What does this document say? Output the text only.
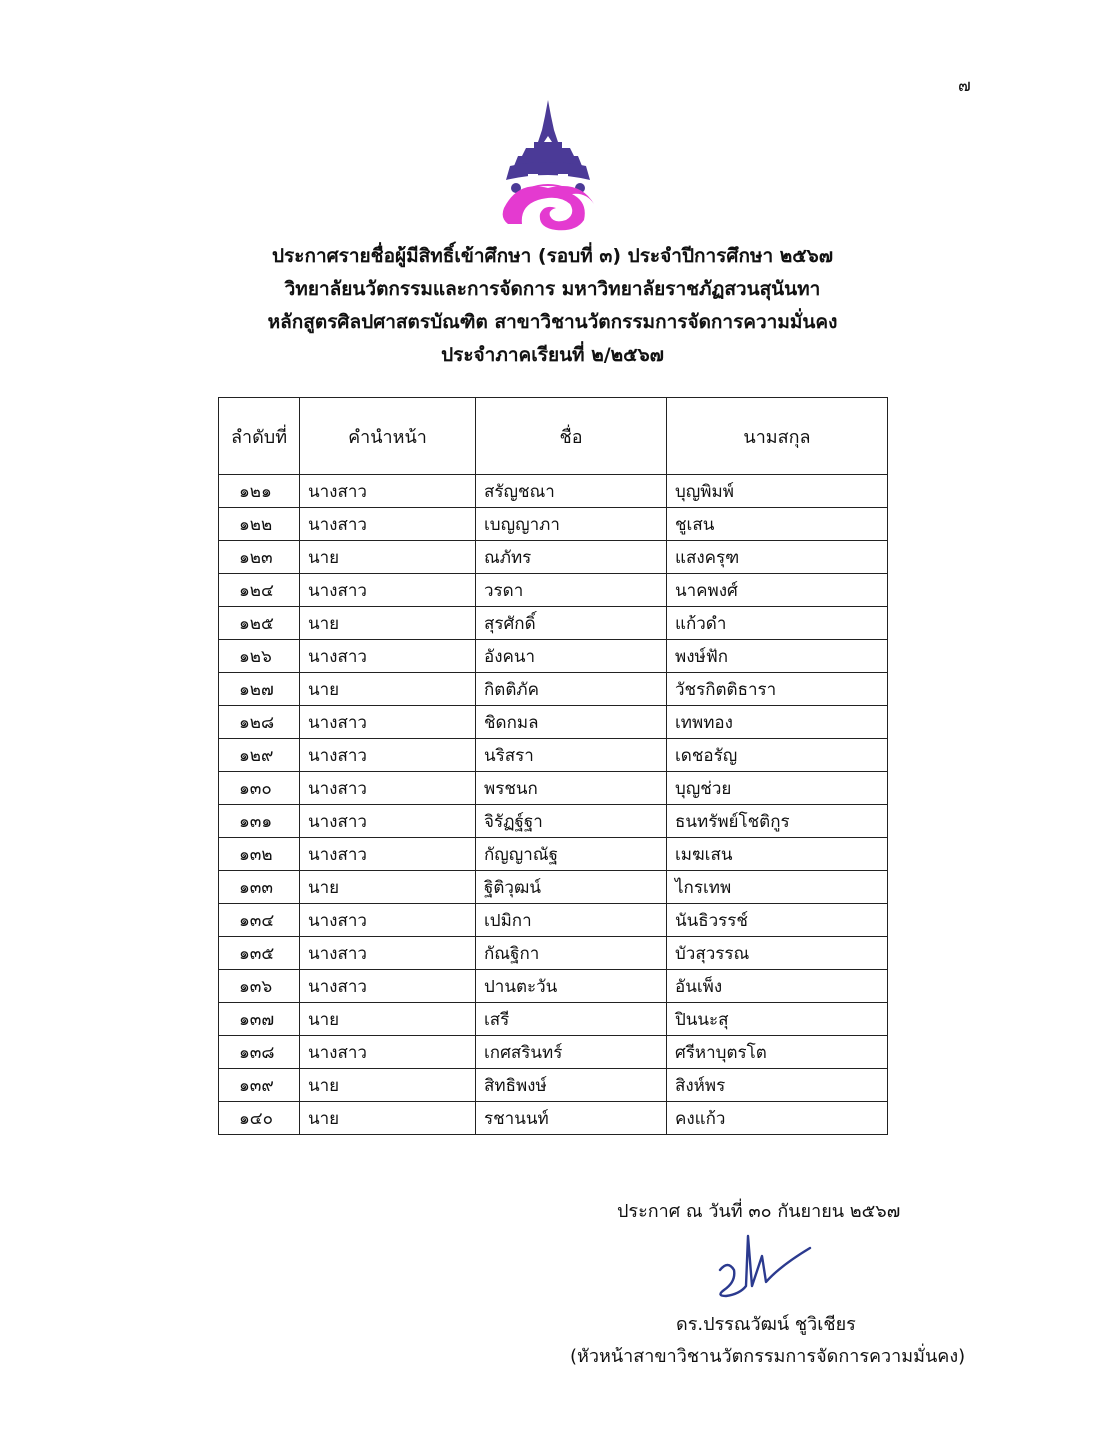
๗
ประกาศรายชื่อผู้มีสิทธิ์เข้าศึกษา (รอบที่ ๓) ประจำปีการศึกษา ๒๕๖๗
วิทยาลัยนวัตกรรมและการจัดการ มหาวิทยาลัยราชภัฏสวนสุนันทา
หลักสูตรศิลปศาสตรบัณฑิต สาขาวิชานวัตกรรมการจัดการความมั่นคง
ประจำภาคเรียนที่ ๒/๒๕๖๗
ลำดับที่	คำนำหน้า	ชื่อ	นามสกุล
๑๒๑	นางสาว	สรัญชณา	บุญพิมพ์
๑๒๒	นางสาว	เบญญาภา	ชูเสน
๑๒๓	นาย	ณภัทร	แสงครุฑ
๑๒๔	นางสาว	วรดา	นาคพงศ์
๑๒๕	นาย	สุรศักดิ์	แก้วดำ
๑๒๖	นางสาว	อังคนา	พงษ์ฟัก
๑๒๗	นาย	กิตติภัค	วัชรกิตติธารา
๑๒๘	นางสาว	ชิดกมล	เทพทอง
๑๒๙	นางสาว	นริสรา	เดชอรัญ
๑๓๐	นางสาว	พรชนก	บุญช่วย
๑๓๑	นางสาว	จิรัฏฐ์ฐา	ธนทรัพย์โชติกูร
๑๓๒	นางสาว	กัญญาณัฐ	เมฆเสน
๑๓๓	นาย	ฐิติวุฒน์	ไกรเทพ
๑๓๔	นางสาว	เปมิกา	นันธิวรรช์
๑๓๕	นางสาว	กัณฐิกา	บัวสุวรรณ
๑๓๖	นางสาว	ปานตะวัน	อันเพ็ง
๑๓๗	นาย	เสรี	ปินนะสุ
๑๓๘	นางสาว	เกศสรินทร์	ศรีหาบุตรโต
๑๓๙	นาย	สิทธิพงษ์	สิงห์พร
๑๔๐	นาย	รชานนท์	คงแก้ว
ประกาศ ณ วันที่ ๓๐ กันยายน ๒๕๖๗
ดร.ปรรณวัฒน์ ชูวิเชียร
(หัวหน้าสาขาวิชานวัตกรรมการจัดการความมั่นคง)
